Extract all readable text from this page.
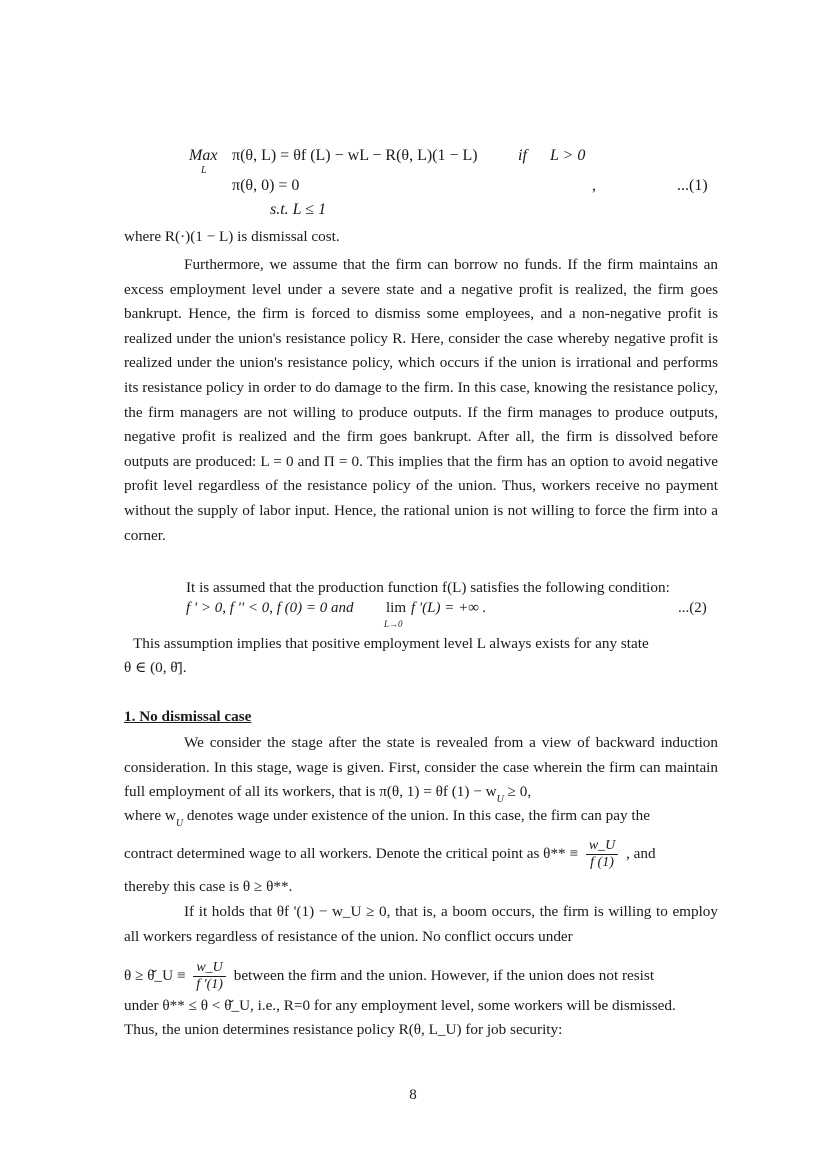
Max
L
π(θ, L) = θf (L) − wL − R(θ, L)(1 − L)	if L > 0
π(θ, 0) = 0	,	...(1)
s.t. L ≤ 1
where R(·)(1 − L) is dismissal cost.

Furthermore, we assume that the firm can borrow no funds. If the firm maintains an excess employment level under a severe state and a negative profit is realized, the firm goes bankrupt. Hence, the firm is forced to dismiss some employees, and a non-negative profit is realized under the union's resistance policy R. Here, consider the case whereby negative profit is realized under the union's resistance policy, which occurs if the union is irrational and performs its resistance policy in order to do damage to the firm. In this case, knowing the resistance policy, the firm managers are not willing to produce outputs. If the firm manages to produce outputs, negative profit is realized and the firm goes bankrupt. After all, the firm is dissolved before outputs are produced: L = 0 and Π = 0. This implies that the firm has an option to avoid negative profit level regardless of the resistance policy of the union. Thus, workers receive no payment without the supply of labor input. Hence, the rational union is not willing to force the firm into a corner.

It is assumed that the production function f(L) satisfies the following condition:
f ' > 0, f '' < 0, f (0) = 0 and lim
L→0
f '(L) = +∞ .	...(2)
This assumption implies that positive employment level L always exists for any state
θ ∈ (0, θ̄].
1. No dismissal case

We consider the stage after the state is revealed from a view of backward induction consideration. In this stage, wage is given. First, consider the case wherein the firm can maintain full employment of all its workers, that is π(θ, 1) = θf $(1) - w_U \ge 0$,

where $w_U$ denotes wage under existence of the union. In this case, the firm can pay the
contract determined wage to all workers. Denote the critical point as $\theta** \equiv \frac{w\_U}{f (1)}$ , and
thereby this case is θ ≥ θ**.

If it holds that θf '(1) − w_U ≥ 0, that is, a boom occurs, the firm is willing to employ all workers regardless of resistance of the union. No conflict occurs under

θ ≥ θ̌_U ≡ $\frac{w\_U}{f '(1)}$ between the firm and the union. However, if the union does not resist
under θ** ≤ θ < θ̌_U, i.e., R=0 for any employment level, some workers will be dismissed.
Thus, the union determines resistance policy R(θ, L_U) for job security:
8
